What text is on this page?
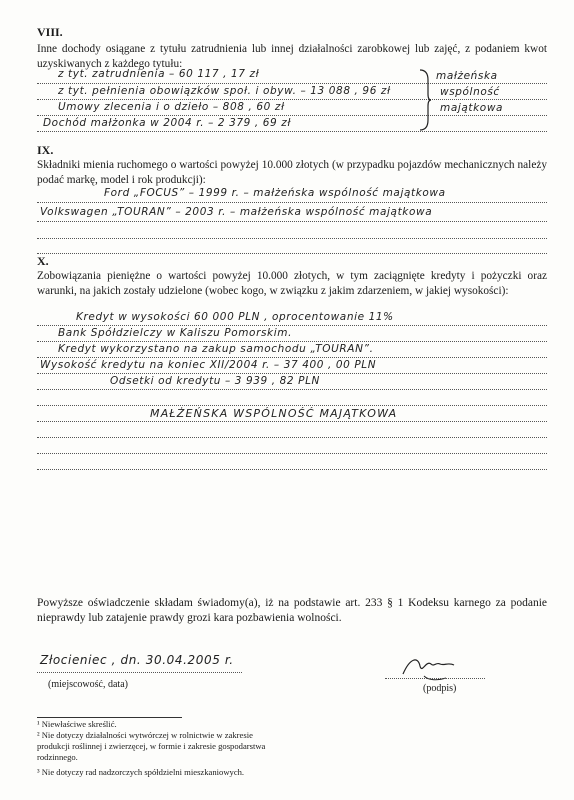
VIII.
Inne dochody osiągane z tytułu zatrudnienia lub innej działalności zarobkowej lub zajęć, z podaniem kwot uzyskiwanych z każdego tytułu:
z tyt. zatrudnienia – 60 117 , 17 zł
z tyt. pełnienia obowiązków społ. i obyw. – 13 088 , 96 zł
Umowy zlecenia i o dzieło – 808 , 60 zł
Dochód małżonka w 2004 r. – 2 379 , 69 zł
małżeńska
wspólność
majątkowa
IX.
Składniki mienia ruchomego o wartości powyżej 10.000 złotych (w przypadku pojazdów mechanicznych należy podać markę, model i rok produkcji):
Ford „FOCUS” – 1999 r. – małżeńska wspólność majątkowa
Volkswagen „TOURAN” – 2003 r. – małżeńska wspólność majątkowa
X.
Zobowiązania pieniężne o wartości powyżej 10.000 złotych, w tym zaciągnięte kredyty i pożyczki oraz warunki, na jakich zostały udzielone (wobec kogo, w związku z jakim zdarzeniem, w jakiej wysokości):
Kredyt w wysokości 60 000 PLN , oprocentowanie 11%
Bank Spółdzielczy w Kaliszu Pomorskim.
Kredyt wykorzystano na zakup samochodu „TOURAN”.
Wysokość kredytu na koniec XII/2004 r. – 37 400 , 00 PLN
Odsetki od kredytu – 3 939 , 82 PLN
MAŁŻEŃSKA WSPÓLNOŚĆ MAJĄTKOWA
Powyższe oświadczenie składam świadomy(a), iż na podstawie art. 233 § 1 Kodeksu karnego za podanie nieprawdy lub zatajenie prawdy grozi kara pozbawienia wolności.
Złocieniec , dn. 30.04.2005 r.
(miejscowość, data)	(podpis)
¹ Niewłaściwe skreślić.
² Nie dotyczy działalności wytwórczej w rolnictwie w zakresie produkcji roślinnej i zwierzęcej, w formie i zakresie gospodarstwa rodzinnego.
³ Nie dotyczy rad nadzorczych spółdzielni mieszkaniowych.
